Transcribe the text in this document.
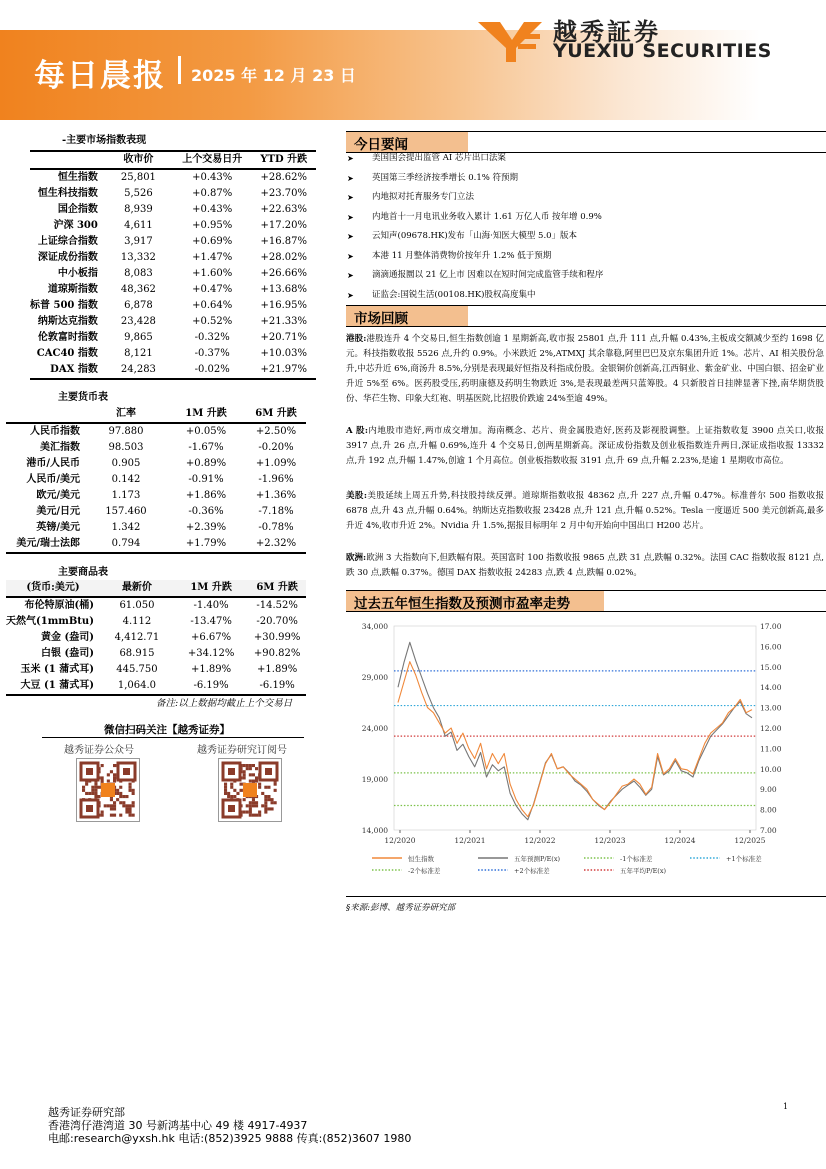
每日晨报 2025 年 12 月 23 日
越秀証券
YUEXIU SECURITIES
-主要市场指数表现
	收市价	上个交易日升	YTD 升跌
恒生指数	25,801	+0.43%	+28.62%
恒生科技指数	5,526	+0.87%	+23.70%
国企指数	8,939	+0.43%	+22.63%
沪深 300	4,611	+0.95%	+17.20%
上证综合指数	3,917	+0.69%	+16.87%
深证成份指数	13,332	+1.47%	+28.02%
中小板指	8,083	+1.60%	+26.66%
道琼斯指数	48,362	+0.47%	+13.68%
标普 500 指数	6,878	+0.64%	+16.95%
纳斯达克指数	23,428	+0.52%	+21.33%
伦敦富时指数	9,865	-0.32%	+20.71%
CAC40 指数	8,121	-0.37%	+10.03%
DAX 指数	24,283	-0.02%	+21.97%
主要货币表
	汇率	1M 升跌	6M 升跌
人民币指数	97.880	+0.05%	+2.50%
美汇指数	98.503	-1.67%	-0.20%
港币/人民币	0.905	+0.89%	+1.09%
人民币/美元	0.142	-0.91%	-1.96%
欧元/美元	1.173	+1.86%	+1.36%
美元/日元	157.460	-0.36%	-7.18%
英镑/美元	1.342	+2.39%	-0.78%
美元/瑞士法郎	0.794	+1.79%	+2.32%
主要商品表
(货币:美元)	最新价	1M 升跌	6M 升跌
布伦特原油(桶)	61.050	-1.40%	-14.52%
天然气(1mmBtu)	4.112	-13.47%	-20.70%
黄金 (盎司)	4,412.71	+6.67%	+30.99%
白银 (盎司)	68.915	+34.12%	+90.82%
玉米 (1 蒲式耳)	445.750	+1.89%	+1.89%
大豆 (1 蒲式耳)	1,064.0	-6.19%	-6.19%
备注:以上数据均截止上个交易日
微信扫码关注【越秀证券】
越秀证券公众号	越秀证券研究订阅号
今日要闻
➤ 美国国会提出监管 AI 芯片出口法案
➤ 英国第三季经济按季增长 0.1% 符预期
➤ 内地拟对托育服务专门立法
➤ 内地首十一月电讯业务收入累计 1.61 万亿人币 按年增 0.9%
➤ 云知声(09678.HK)发布「山海·知医大模型 5.0」版本
➤ 本港 11 月整体消费物价按年升 1.2% 低于预期
➤ 滴滴通报圜以 21 亿上市 因难以在短时间完成监管手续和程序
➤ 证监会:国锐生活(00108.HK)股权高度集中
市场回顾
港股:港股连升 4 个交易日,恒生指数创逾 1 星期新高,收市报 25801 点,升 111 点,升幅 0.43%,主板成交额减少至约 1698 亿元。科技指数收报 5526 点,升约 0.9%。小米跌近 2%,ATMXJ 其余靠稳,阿里巴巴及京东集团升近 1%。芯片、AI 相关股份急升,中芯升近 6%,商汤升 8.5%,分别是表现最好恒指及科指成份股。金银铜价创新高,江西铜业、紫金矿业、中国白银、招金矿业升近 5%至 6%。医药股受压,药明康德及药明生物跌近 3%,是表现最差两只蓝筹股。4 只新股首日挂牌显著下挫,南华期货股份、华芢生物、印象大红袍、明基医院,比招股价跌逾 24%至逾 49%。
A 股:内地股市造好,两市成交增加。海南概念、芯片、贵金属股造好,医药及影视股调整。上证指数收复 3900 点关口,收报 3917 点,升 26 点,升幅 0.69%,连升 4 个交易日,创两星期新高。深证成份指数及创业板指数连升两日,深证成指收报 13332 点,升 192 点,升幅 1.47%,创逾 1 个月高位。创业板指数收报 3191 点,升 69 点,升幅 2.23%,是逾 1 星期收市高位。
美股:美股延续上周五升势,科技股持续反弹。道琼斯指数收报 48362 点,升 227 点,升幅 0.47%。标准普尔 500 指数收报 6878 点,升 43 点,升幅 0.64%。纳斯达克指数收报 23428 点,升 121 点,升幅 0.52%。Tesla 一度逼近 500 美元创新高,最多升近 4%,收市升近 2%。Nvidia 升 1.5%,据报目标明年 2 月中旬开始向中国出口 H200 芯片。
欧洲:欧洲 3 大指数向下,但跌幅有限。英国富时 100 指数收报 9865 点,跌 31 点,跌幅 0.32%。法国 CAC 指数收报 8121 点,跌 30 点,跌幅 0.37%。德国 DAX 指数收报 24283 点,跌 4 点,跌幅 0.02%。
过去五年恒生指数及预测市盈率走势
34,000
29,000
24,000
19,000
14,000
17.00
16.00
15.00
14.00
13.00
12.00
11.00
10.00
9.00
8.00
7.00
12/2020	12/2021	12/2022	12/2023	12/2024	12/2025
恒生指数	五年预测P/E(x)	-1个标准差	+1个标准差
-2个标准差	+2个标准差	五年平均P/E(x)
§来源:彭博、越秀证券研究部
越秀证券研究部
香港湾仔港湾道 30 号新鸿基中心 49 楼 4917-4937
电邮:research@yxsh.hk 电话:(852)3925 9888 传真:(852)3607 1980
1
